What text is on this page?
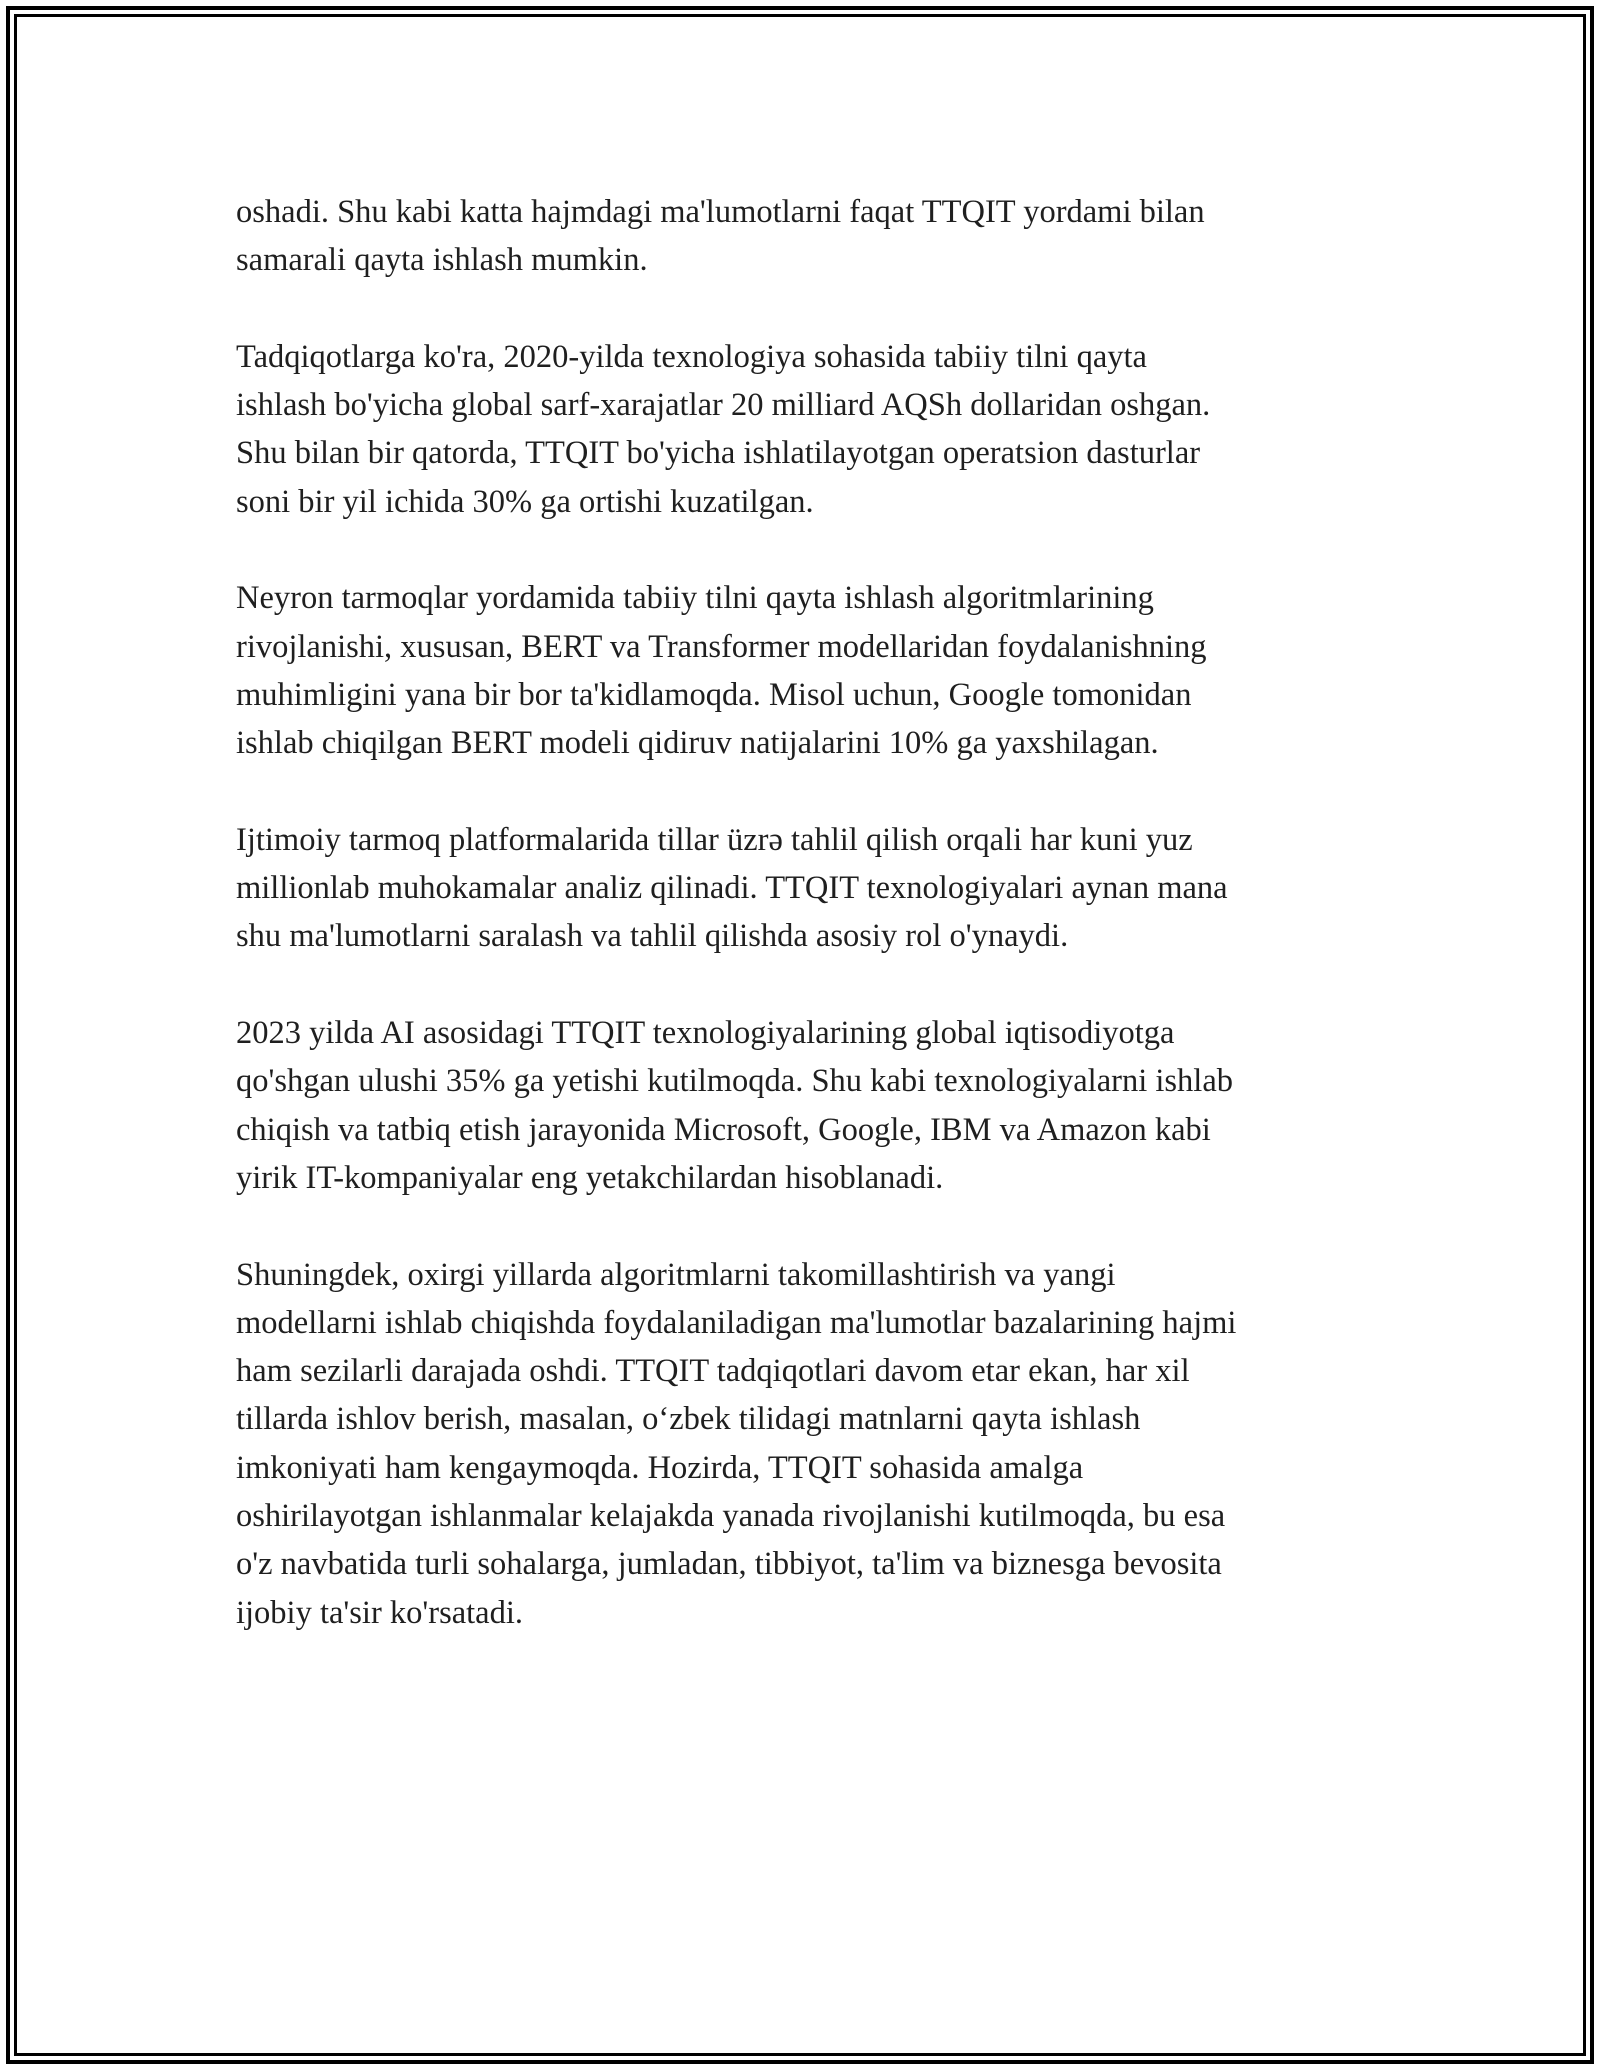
oshadi. Shu kabi katta hajmdagi ma'lumotlarni faqat TTQIT yordami bilan
samarali qayta ishlash mumkin.

Tadqiqotlarga ko'ra, 2020-yilda texnologiya sohasida tabiiy tilni qayta
ishlash bo'yicha global sarf-xarajatlar 20 milliard AQSh dollaridan oshgan.
Shu bilan bir qatorda, TTQIT bo'yicha ishlatilayotgan operatsion dasturlar
soni bir yil ichida 30% ga ortishi kuzatilgan.

Neyron tarmoqlar yordamida tabiiy tilni qayta ishlash algoritmlarining
rivojlanishi, xususan, BERT va Transformer modellaridan foydalanishning
muhimligini yana bir bor ta'kidlamoqda. Misol uchun, Google tomonidan
ishlab chiqilgan BERT modeli qidiruv natijalarini 10% ga yaxshilagan.

Ijtimoiy tarmoq platformalarida tillar üzrə tahlil qilish orqali har kuni yuz
millionlab muhokamalar analiz qilinadi. TTQIT texnologiyalari aynan mana
shu ma'lumotlarni saralash va tahlil qilishda asosiy rol o'ynaydi.

2023 yilda AI asosidagi TTQIT texnologiyalarining global iqtisodiyotga
qo'shgan ulushi 35% ga yetishi kutilmoqda. Shu kabi texnologiyalarni ishlab
chiqish va tatbiq etish jarayonida Microsoft, Google, IBM va Amazon kabi
yirik IT-kompaniyalar eng yetakchilardan hisoblanadi.

Shuningdek, oxirgi yillarda algoritmlarni takomillashtirish va yangi
modellarni ishlab chiqishda foydalaniladigan ma'lumotlar bazalarining hajmi
ham sezilarli darajada oshdi. TTQIT tadqiqotlari davom etar ekan, har xil
tillarda ishlov berish, masalan, o‘zbek tilidagi matnlarni qayta ishlash
imkoniyati ham kengaymoqda. Hozirda, TTQIT sohasida amalga
oshirilayotgan ishlanmalar kelajakda yanada rivojlanishi kutilmoqda, bu esa
o'z navbatida turli sohalarga, jumladan, tibbiyot, ta'lim va biznesga bevosita
ijobiy ta'sir ko'rsatadi.
